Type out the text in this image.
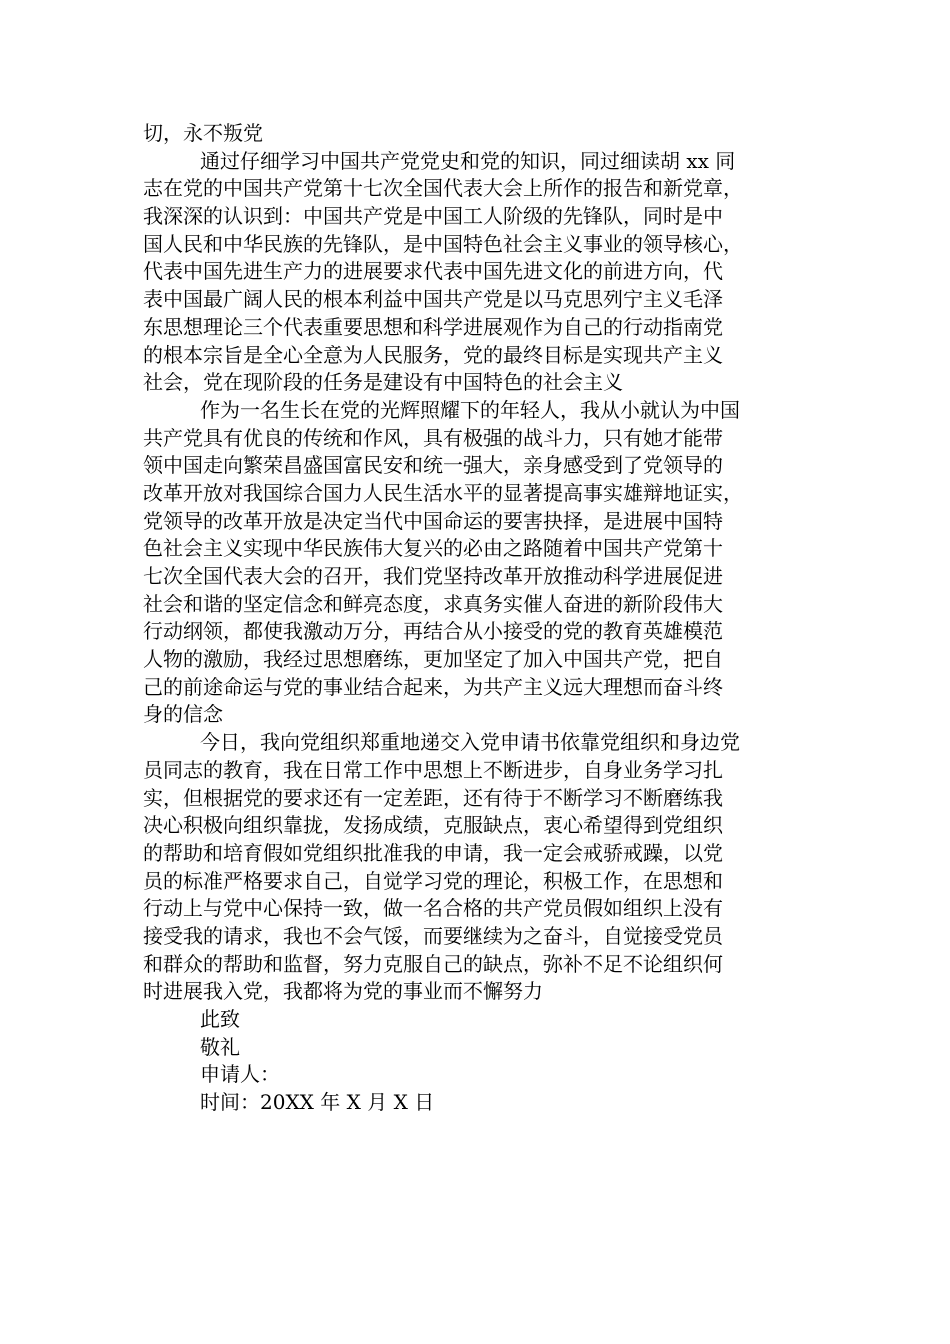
切，永不叛党
通过仔细学习中国共产党党史和党的知识，同过细读胡 xx 同
志在党的中国共产党第十七次全国代表大会上所作的报告和新党章，
我深深的认识到：中国共产党是中国工人阶级的先锋队，同时是中
国人民和中华民族的先锋队，是中国特色社会主义事业的领导核心，
代表中国先进生产力的进展要求代表中国先进文化的前进方向，代
表中国最广阔人民的根本利益中国共产党是以马克思列宁主义毛泽
东思想理论三个代表重要思想和科学进展观作为自己的行动指南党
的根本宗旨是全心全意为人民服务，党的最终目标是实现共产主义
社会，党在现阶段的任务是建设有中国特色的社会主义
作为一名生长在党的光辉照耀下的年轻人，我从小就认为中国
共产党具有优良的传统和作风，具有极强的战斗力，只有她才能带
领中国走向繁荣昌盛国富民安和统一强大，亲身感受到了党领导的
改革开放对我国综合国力人民生活水平的显著提高事实雄辩地证实，
党领导的改革开放是决定当代中国命运的要害抉择，是进展中国特
色社会主义实现中华民族伟大复兴的必由之路随着中国共产党第十
七次全国代表大会的召开，我们党坚持改革开放推动科学进展促进
社会和谐的坚定信念和鲜亮态度，求真务实催人奋进的新阶段伟大
行动纲领，都使我激动万分，再结合从小接受的党的教育英雄模范
人物的激励，我经过思想磨练，更加坚定了加入中国共产党，把自
己的前途命运与党的事业结合起来，为共产主义远大理想而奋斗终
身的信念
今日，我向党组织郑重地递交入党申请书依靠党组织和身边党
员同志的教育，我在日常工作中思想上不断进步，自身业务学习扎
实，但根据党的要求还有一定差距，还有待于不断学习不断磨练我
决心积极向组织靠拢，发扬成绩，克服缺点，衷心希望得到党组织
的帮助和培育假如党组织批准我的申请，我一定会戒骄戒躁，以党
员的标准严格要求自己，自觉学习党的理论，积极工作，在思想和
行动上与党中心保持一致，做一名合格的共产党员假如组织上没有
接受我的请求，我也不会气馁，而要继续为之奋斗，自觉接受党员
和群众的帮助和监督，努力克服自己的缺点，弥补不足不论组织何
时进展我入党，我都将为党的事业而不懈努力
此致
敬礼
申请人：
时间：20XX 年 X 月 X 日
